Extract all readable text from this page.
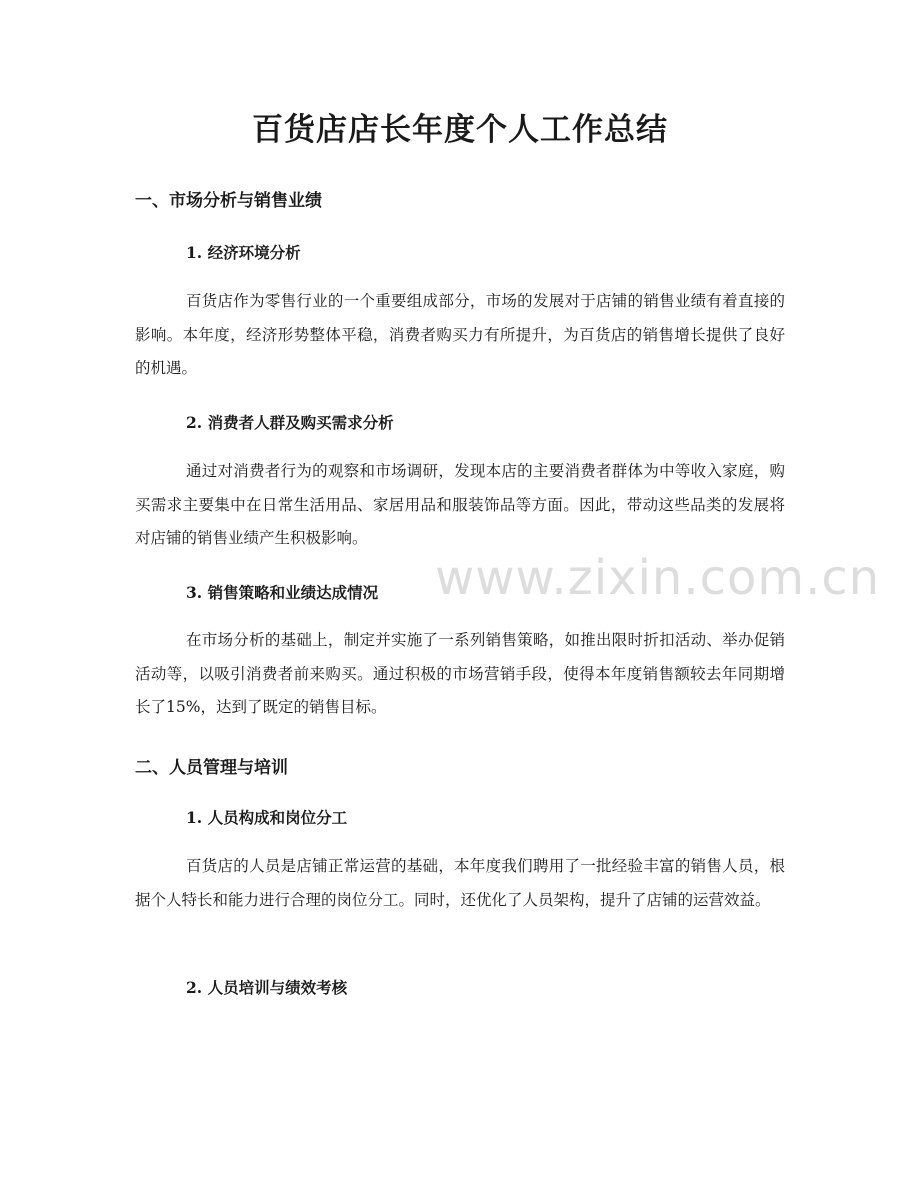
www.zixin.com.cn
百货店店长年度个人工作总结
一、市场分析与销售业绩
1. 经济环境分析

百货店作为零售行业的一个重要组成部分，市场的发展对于店铺的销售业绩有着直接的影响。本年度，经济形势整体平稳，消费者购买力有所提升，为百货店的销售增长提供了良好的机遇。

2. 消费者人群及购买需求分析

通过对消费者行为的观察和市场调研，发现本店的主要消费者群体为中等收入家庭，购买需求主要集中在日常生活用品、家居用品和服装饰品等方面。因此，带动这些品类的发展将对店铺的销售业绩产生积极影响。

3. 销售策略和业绩达成情况

在市场分析的基础上，制定并实施了一系列销售策略，如推出限时折扣活动、举办促销活动等，以吸引消费者前来购买。通过积极的市场营销手段，使得本年度销售额较去年同期增长了15%，达到了既定的销售目标。

二、人员管理与培训
1. 人员构成和岗位分工

百货店的人员是店铺正常运营的基础，本年度我们聘用了一批经验丰富的销售人员，根据个人特长和能力进行合理的岗位分工。同时，还优化了人员架构，提升了店铺的运营效益。

2. 人员培训与绩效考核
